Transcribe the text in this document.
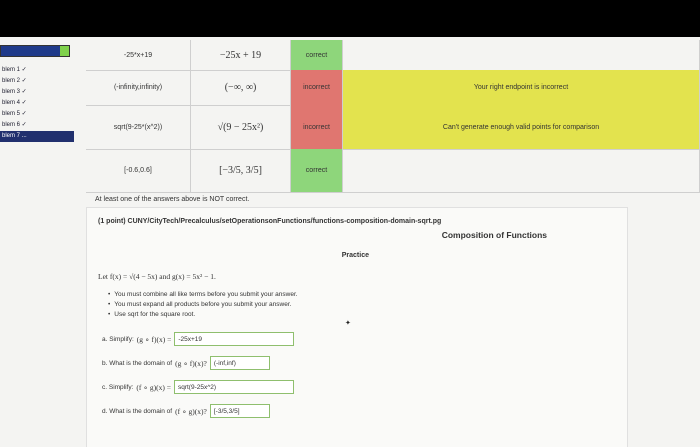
blem 1 ✓
blem 2 ✓
blem 3 ✓
blem 4 ✓
blem 5 ✓
blem 6 ✓
blem 7 ...
-25*x+19	−25x + 19	correct
(-infinity,infinity)	(−∞, ∞)	incorrect	Your right endpoint is incorrect
sqrt(9-25*(x^2))	√(9 − 25x²)	incorrect	Can't generate enough valid points for comparison
[-0.6,0.6]	[−3/5, 3/5]	correct
At least one of the answers above is NOT correct.
(1 point) CUNY/CityTech/Precalculus/setOperationsonFunctions/functions-composition-domain-sqrt.pg
Composition of Functions
Practice
Let f(x) = √(4 − 5x) and g(x) = 5x² − 1.
• You must combine all like terms before you submit your answer.
• You must expand all products before you submit your answer.
• Use sqrt for the square root.
✦
a. Simplify: (g ∘ f)(x) =	-25x+19
b. What is the domain of (g ∘ f)(x)?	(-inf,inf)
c. Simplify: (f ∘ g)(x) =	sqrt(9-25x^2)
d. What is the domain of (f ∘ g)(x)?	[-3/5,3/5]
